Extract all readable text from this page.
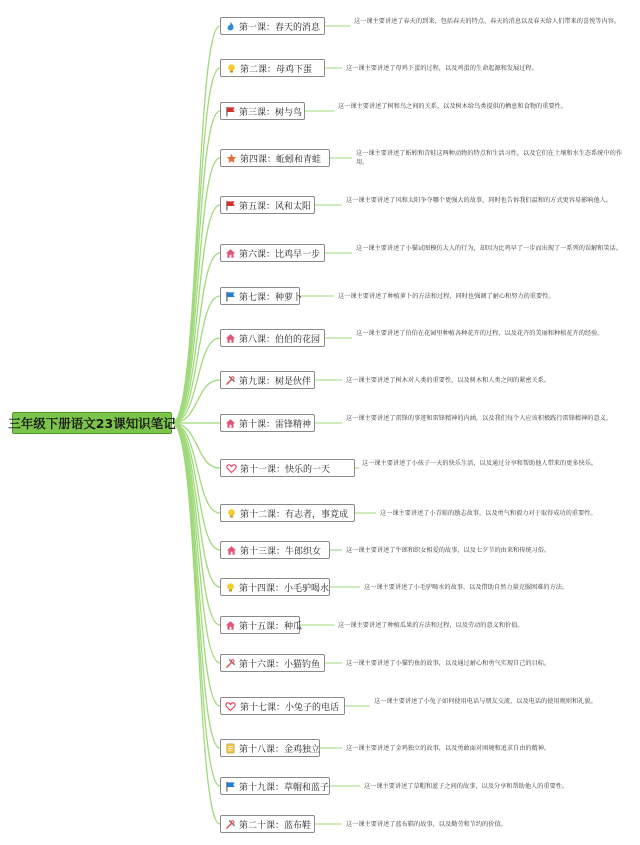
三年级下册语文23课知识笔记
第一课：春天的消息
这一课主要讲述了春天的到来，包括春天的特点、春天的消息以及春天给人们带来的喜悦等内容。
第二课：母鸡下蛋	这一课主要讲述了母鸡下蛋的过程，以及鸡蛋的生命起源和发展过程。
第三课：树与鸟
这一课主要讲述了树和鸟之间的关系，以及树木给鸟类提供的栖息和食物的重要性。
第四课：蚯蚓和青蛙
这一课主要讲述了蚯蚓和青蛙这两种动物的特点和生活习性，以及它们在土壤和水生态系统中的作用。
第五课：风和太阳
这一课主要讲述了风和太阳争夺哪个更强大的故事，同时也告诉我们温和的方式更容易影响他人。
第六课：比鸡早一步
这一课主要讲述了小猫试图模仿大人的行为，却因为比鸡早了一步而出现了一系列的误解和笑话。
第七课：种萝卜	这一课主要讲述了种植萝卜的方法和过程，同时也强调了耐心和努力的重要性。
第八课：伯伯的花园
这一课主要讲述了伯伯在花园里种植各种花卉的过程，以及花卉的美丽和种植花卉的经验。
第九课：树是伙伴	这一课主要讲述了树木对人类的重要性，以及树木和人类之间的紧密关系。
第十课：雷锋精神
这一课主要讲述了雷锋的事迹和雷锋精神的内涵，以及我们每个人应该积极践行雷锋精神的意义。
第十一课：快乐的一天
这一课主要讲述了小孩子一天的快乐生活，以及通过分享和帮助他人带来的更多快乐。
第十二课：有志者，事竟成	这一课主要讲述了小青蛙的励志故事，以及勇气和毅力对于取得成功的重要性。
第十三课：牛郎织女	这一课主要讲述了牛郎和织女相爱的故事，以及七夕节的由来和传统习俗。
第十四课：小毛驴喝水	这一课主要讲述了小毛驴喝水的故事，以及借助自然力量克服困难的方法。
第十五课：种瓜	这一课主要讲述了种植瓜果的方法和过程，以及劳动的意义和价值。
第十六课：小猫钓鱼	这一课主要讲述了小猫钓鱼的故事，以及通过耐心和勇气实现自己的目标。
第十七课：小兔子的电话
这一课主要讲述了小兔子如何使用电话与朋友交流，以及电话的使用规则和礼貌。
第十八课：金鸡独立	这一课主要讲述了金鸡独立的故事，以及勇敢面对困境和追求自由的精神。
第十九课：草帽和蓝子	这一课主要讲述了草帽和蓝子之间的故事，以及分享和帮助他人的重要性。
第二十课：蓝布鞋	这一课主要讲述了蓝布鞋的故事，以及勤劳和节约的价值。
